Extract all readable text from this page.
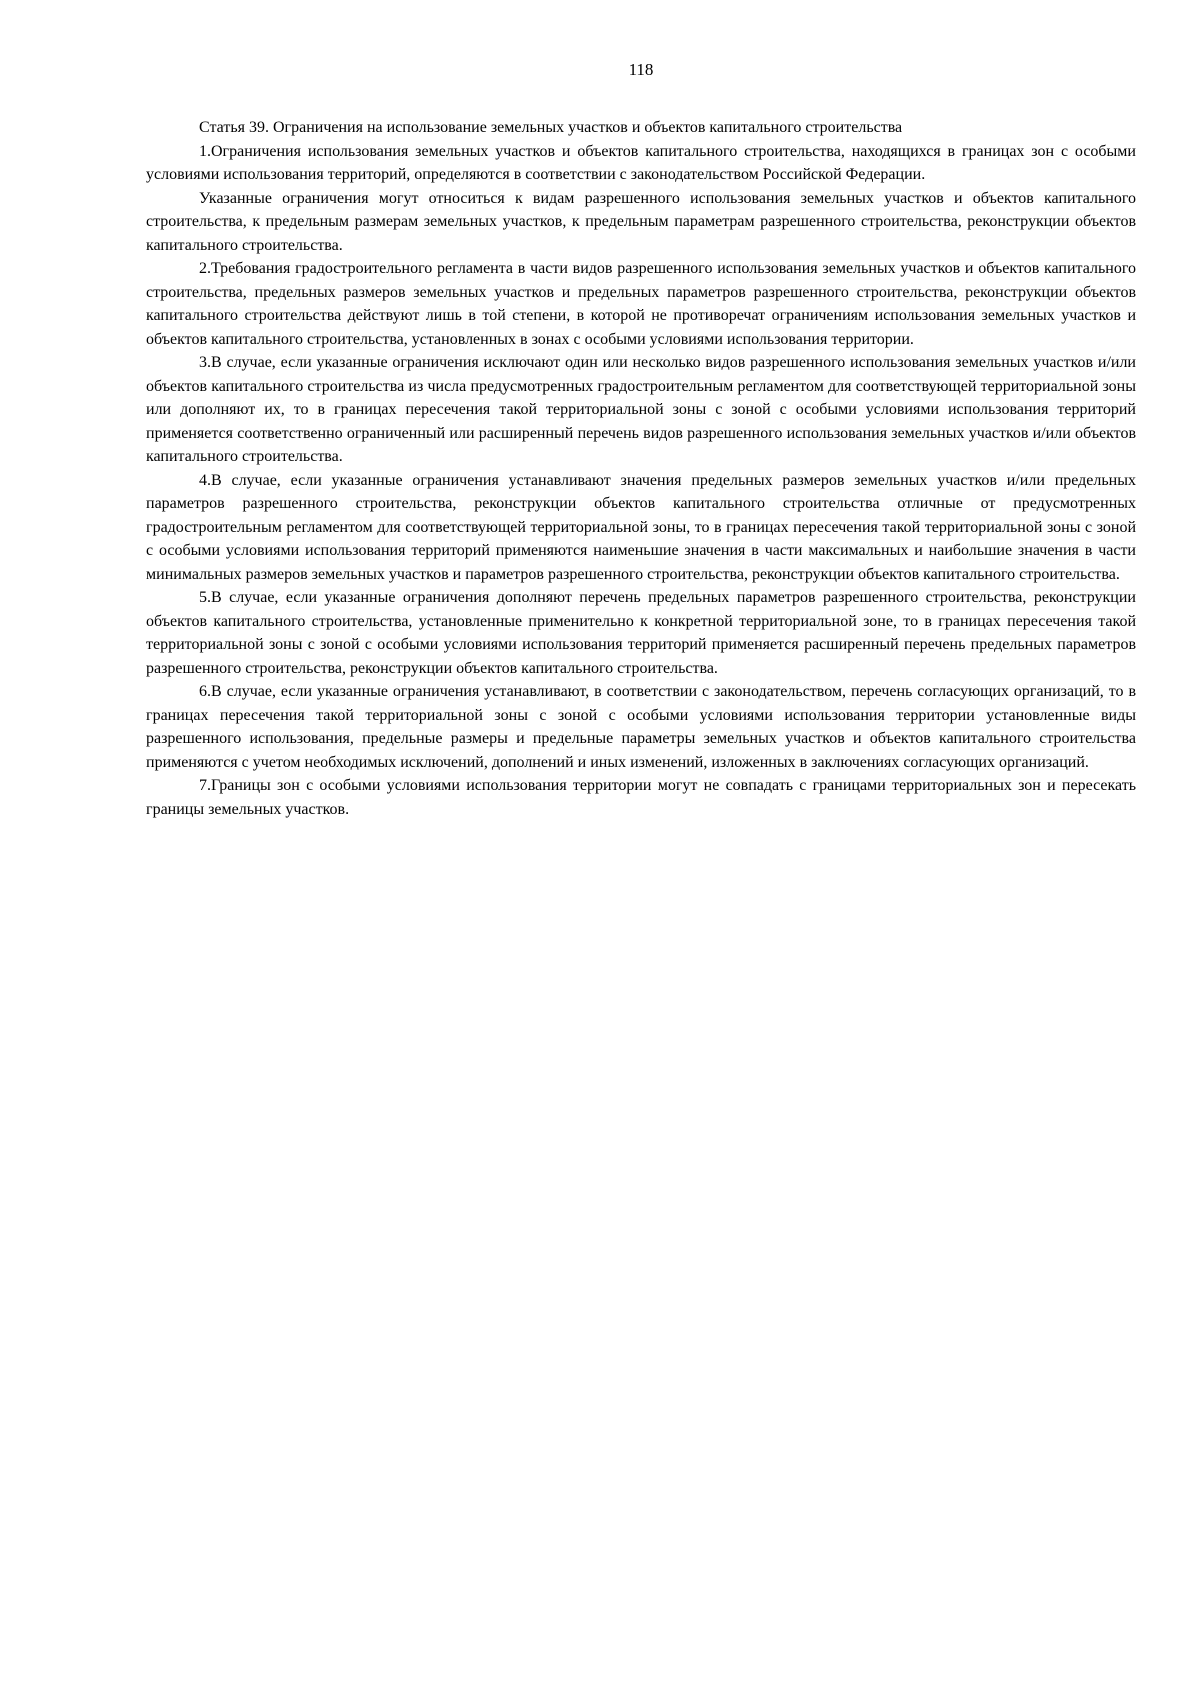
118

Статья 39. Ограничения на использование земельных участков и объектов капитального строительства

1.Ограничения использования земельных участков и объектов капитального строительства, находящихся в границах зон с особыми условиями использования территорий, определяются в соответствии с законодательством Российской Федерации.

Указанные ограничения могут относиться к видам разрешенного использования земельных участков и объектов капитального строительства, к предельным размерам земельных участков, к предельным параметрам разрешенного строительства, реконструкции объектов капитального строительства.

2.Требования градостроительного регламента в части видов разрешенного использования земельных участков и объектов капитального строительства, предельных размеров земельных участков и предельных параметров разрешенного строительства, реконструкции объектов капитального строительства действуют лишь в той степени, в которой не противоречат ограничениям использования земельных участков и объектов капитального строительства, установленных в зонах с особыми условиями использования территории.

3.В случае, если указанные ограничения исключают один или несколько видов разрешенного использования земельных участков и/или объектов капитального строительства из числа предусмотренных градостроительным регламентом для соответствующей территориальной зоны или дополняют их, то в границах пересечения такой территориальной зоны с зоной с особыми условиями использования территорий применяется соответственно ограниченный или расширенный перечень видов разрешенного использования земельных участков и/или объектов капитального строительства.

4.В случае, если указанные ограничения устанавливают значения предельных размеров земельных участков и/или предельных параметров разрешенного строительства, реконструкции объектов капитального строительства отличные от предусмотренных градостроительным регламентом для соответствующей территориальной зоны, то в границах пересечения такой территориальной зоны с зоной с особыми условиями использования территорий применяются наименьшие значения в части максимальных и наибольшие значения в части минимальных размеров земельных участков и параметров разрешенного строительства, реконструкции объектов капитального строительства.

5.В случае, если указанные ограничения дополняют перечень предельных параметров разрешенного строительства, реконструкции объектов капитального строительства, установленные применительно к конкретной территориальной зоне, то в границах пересечения такой территориальной зоны с зоной с особыми условиями использования территорий применяется расширенный перечень предельных параметров разрешенного строительства, реконструкции объектов капитального строительства.

6.В случае, если указанные ограничения устанавливают, в соответствии с законодательством, перечень согласующих организаций, то в границах пересечения такой территориальной зоны с зоной с особыми условиями использования территории установленные виды разрешенного использования, предельные размеры и предельные параметры земельных участков и объектов капитального строительства применяются с учетом необходимых исключений, дополнений и иных изменений, изложенных в заключениях согласующих организаций.

7.Границы зон с особыми условиями использования территории могут не совпадать с границами территориальных зон и пересекать границы земельных участков.
